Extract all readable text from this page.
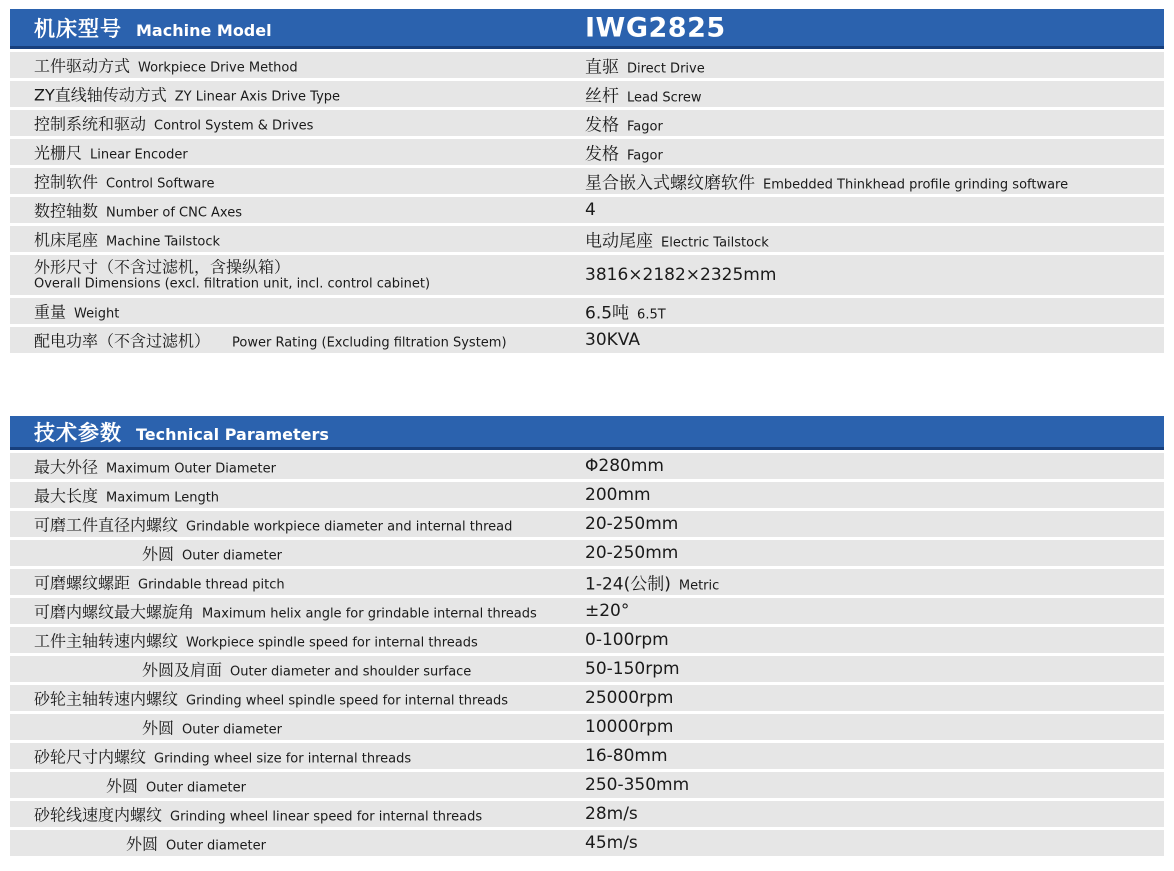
机床型号 Machine Model	IWG2825
工件驱动方式 Workpiece Drive Method	直驱 Direct Drive
ZY直线轴传动方式 ZY Linear Axis Drive Type	丝杆 Lead Screw
控制系统和驱动 Control System & Drives	发格 Fagor
光栅尺 Linear Encoder	发格 Fagor
控制软件 Control Software	星合嵌入式螺纹磨软件 Embedded Thinkhead profile grinding software
数控轴数 Number of CNC Axes	4
机床尾座 Machine Tailstock	电动尾座 Electric Tailstock
外形尺寸（不含过滤机，含操纵箱）
Overall Dimensions (excl. filtration unit, incl. control cabinet)	3816×2182×2325mm
重量 Weight	6.5吨 6.5T
配电功率（不含过滤机） Power Rating (Excluding filtration System)	30KVA
技术参数 Technical Parameters
最大外径 Maximum Outer Diameter	Φ280mm
最大长度 Maximum Length	200mm
可磨工件直径内螺纹 Grindable workpiece diameter and internal thread	20-250mm
外圆 Outer diameter	20-250mm
可磨螺纹螺距 Grindable thread pitch	1-24(公制) Metric
可磨内螺纹最大螺旋角 Maximum helix angle for grindable internal threads	±20°
工件主轴转速内螺纹 Workpiece spindle speed for internal threads	0-100rpm
外圆及肩面 Outer diameter and shoulder surface	50-150rpm
砂轮主轴转速内螺纹 Grinding wheel spindle speed for internal threads	25000rpm
外圆 Outer diameter	10000rpm
砂轮尺寸内螺纹 Grinding wheel size for internal threads	16-80mm
外圆 Outer diameter	250-350mm
砂轮线速度内螺纹 Grinding wheel linear speed for internal threads	28m/s
外圆 Outer diameter	45m/s
